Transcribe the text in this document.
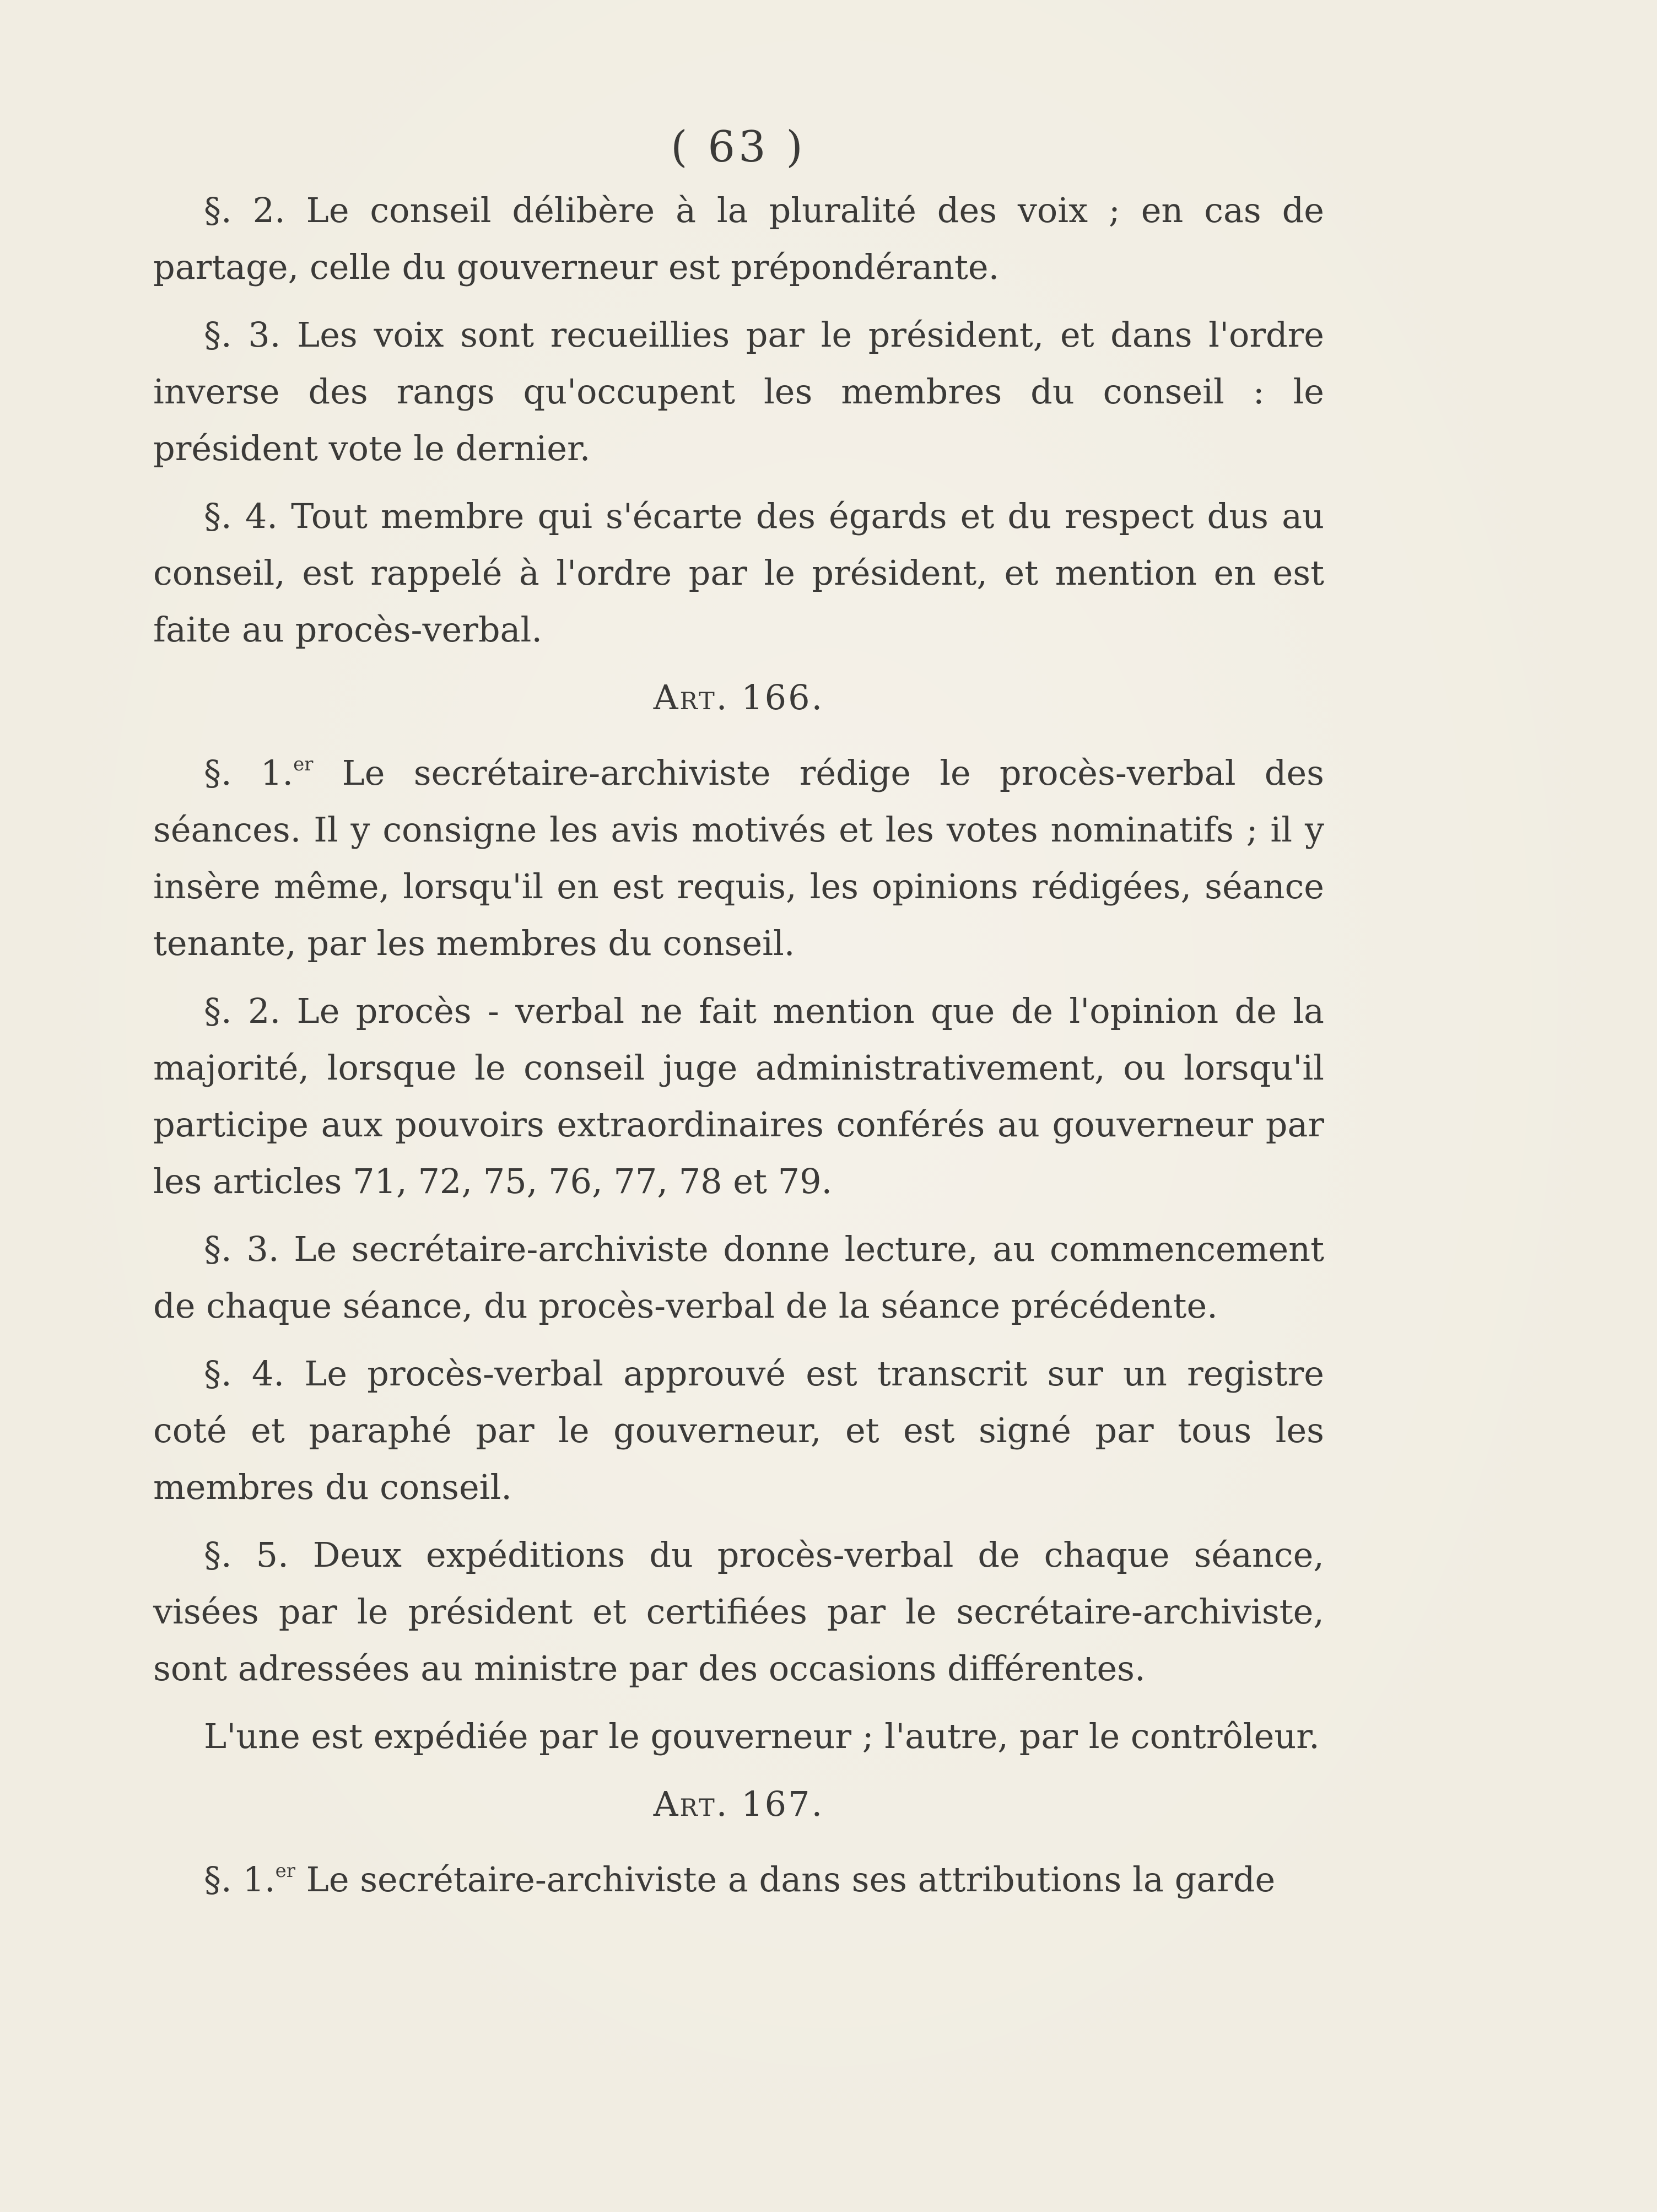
( 63 )

§. 2. Le conseil délibère à la pluralité des voix ; en cas de partage, celle du gouverneur est prépondérante.

§. 3. Les voix sont recueillies par le président, et dans l'ordre inverse des rangs qu'occupent les membres du conseil : le président vote le dernier.

§. 4. Tout membre qui s'écarte des égards et du respect dus au conseil, est rappelé à l'ordre par le président, et mention en est faite au procès-verbal.

Art. 166.

§. 1.$^{er}$ Le secrétaire-archiviste rédige le procès-verbal des séances. Il y consigne les avis motivés et les votes nominatifs ; il y insère même, lorsqu'il en est requis, les opinions rédigées, séance tenante, par les membres du conseil.

§. 2. Le procès - verbal ne fait mention que de l'opinion de la majorité, lorsque le conseil juge administrativement, ou lorsqu'il participe aux pouvoirs extraordinaires conférés au gouverneur par les articles 71, 72, 75, 76, 77, 78 et 79.

§. 3. Le secrétaire-archiviste donne lecture, au commencement de chaque séance, du procès-verbal de la séance précédente.

§. 4. Le procès-verbal approuvé est transcrit sur un registre coté et paraphé par le gouverneur, et est signé par tous les membres du conseil.

§. 5. Deux expéditions du procès-verbal de chaque séance, visées par le président et certifiées par le secrétaire-archiviste, sont adressées au ministre par des occasions différentes.

L'une est expédiée par le gouverneur ; l'autre, par le contrôleur.

Art. 167.

§. 1.$^{er}$ Le secrétaire-archiviste a dans ses attributions la garde
